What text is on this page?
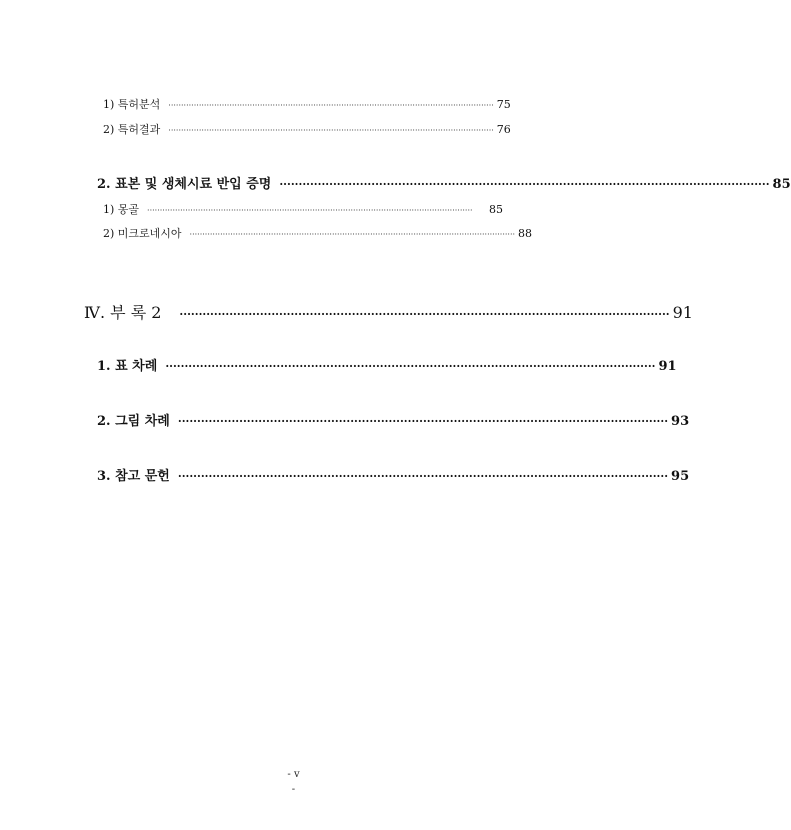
1) 특허분석 ································································································································ 75
2) 특허결과 ································································································································ 76
2. 표본 및 생체시료 반입 증명 ································································································································ 85
1) 몽골 ································································································································	85
2) 미크로네시아 ································································································································ 88
Ⅳ. 부 록 2 ································································································································ 91
1. 표 차례 ································································································································ 91
2. 그림 차례 ································································································································ 93
3. 참고 문헌 ································································································································ 95
- v
-
